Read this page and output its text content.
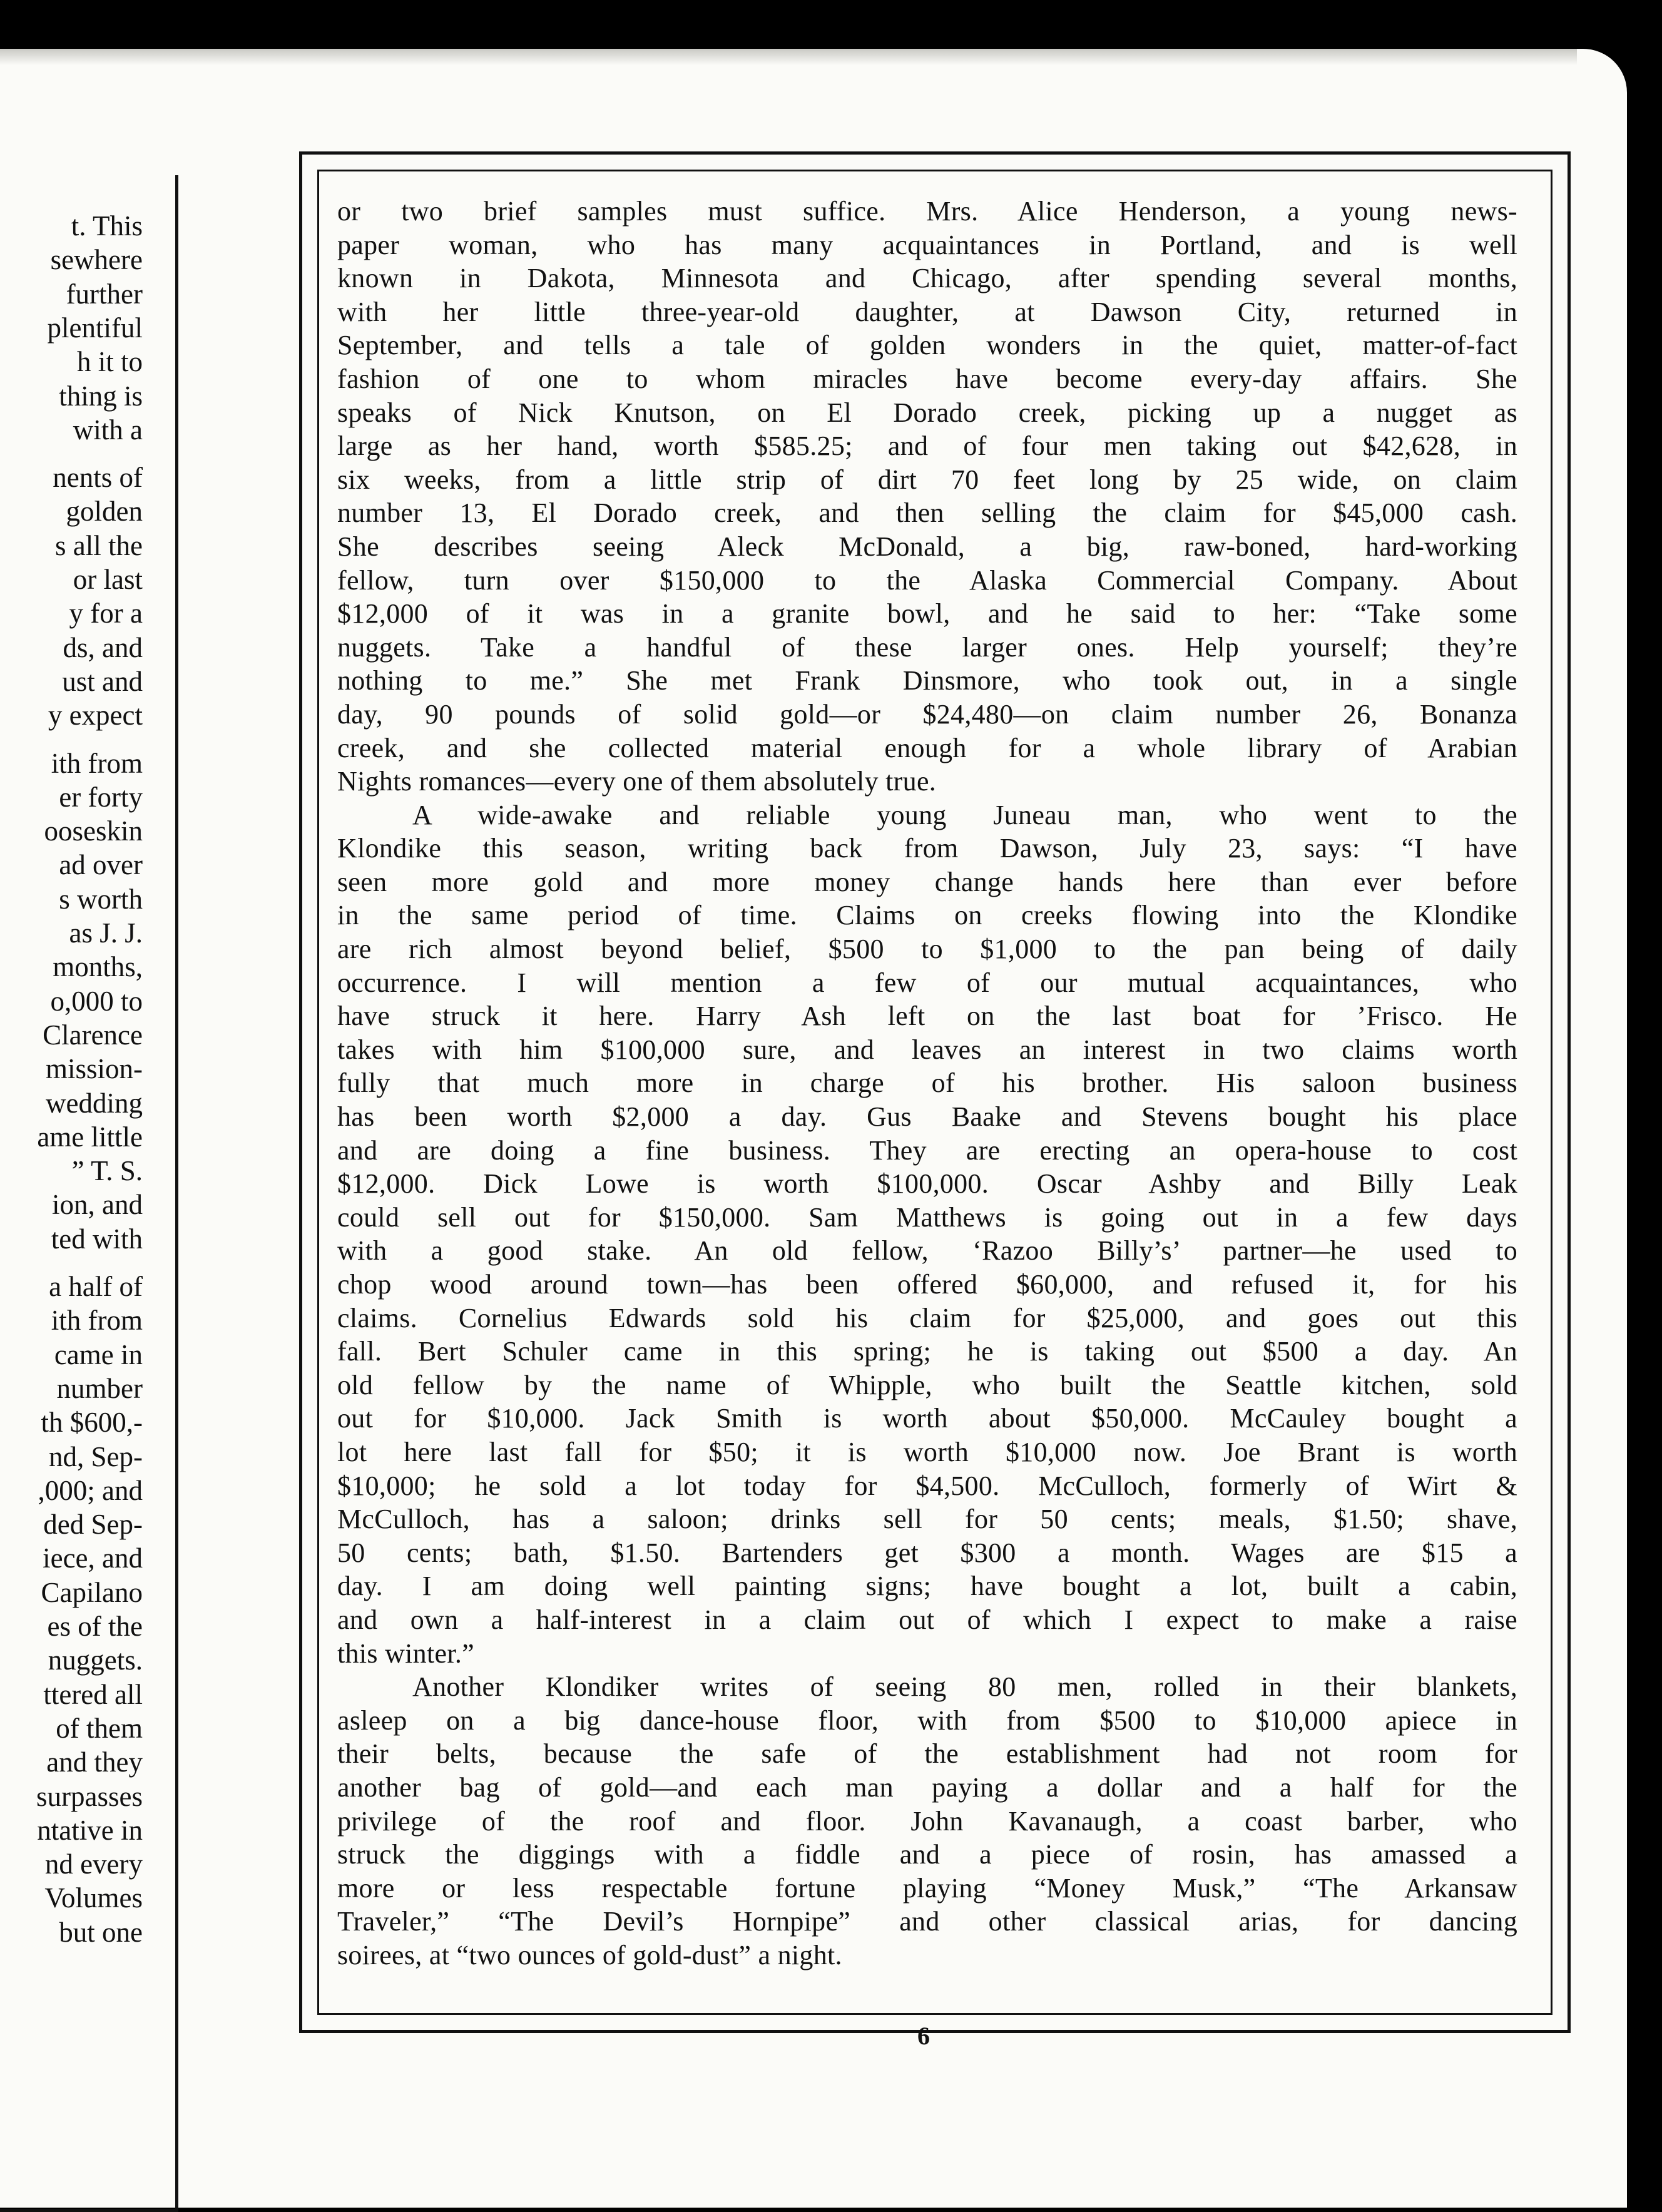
t. This
sewhere
further
plentiful
h it to
thing is
with a
nents of
golden
s all the
or last
y for a
ds, and
ust and
y expect
ith from
er forty
ooseskin
ad over
s worth
as J. J.
months,
o,000 to
Clarence
mission-
wedding
ame little
” T. S.
ion, and
ted with
a half of
ith from
came in
number
th $600,-
nd, Sep-
,000; and
ded Sep-
iece, and
Capilano
es of the
nuggets.
ttered all
of them
and they
surpasses
ntative in
nd every
Volumes
but one
or two brief samples must suffice. Mrs. Alice Henderson, a young news-
paper woman, who has many acquaintances in Portland, and is well
known in Dakota, Minnesota and Chicago, after spending several months,
with her little three-year-old daughter, at Dawson City, returned in
September, and tells a tale of golden wonders in the quiet, matter-of-fact
fashion of one to whom miracles have become every-day affairs. She
speaks of Nick Knutson, on El Dorado creek, picking up a nugget as
large as her hand, worth $585.25; and of four men taking out $42,628, in
six weeks, from a little strip of dirt 70 feet long by 25 wide, on claim
number 13, El Dorado creek, and then selling the claim for $45,000 cash.
She describes seeing Aleck McDonald, a big, raw-boned, hard-working
fellow, turn over $150,000 to the Alaska Commercial Company. About
$12,000 of it was in a granite bowl, and he said to her: “Take some
nuggets. Take a handful of these larger ones. Help yourself; they’re
nothing to me.” She met Frank Dinsmore, who took out, in a single
day, 90 pounds of solid gold—or $24,480—on claim number 26, Bonanza
creek, and she collected material enough for a whole library of Arabian
Nights romances—every one of them absolutely true.
A wide-awake and reliable young Juneau man, who went to the
Klondike this season, writing back from Dawson, July 23, says: “I have
seen more gold and more money change hands here than ever before
in the same period of time. Claims on creeks flowing into the Klondike
are rich almost beyond belief, $500 to $1,000 to the pan being of daily
occurrence. I will mention a few of our mutual acquaintances, who
have struck it here. Harry Ash left on the last boat for ’Frisco. He
takes with him $100,000 sure, and leaves an interest in two claims worth
fully that much more in charge of his brother. His saloon business
has been worth $2,000 a day. Gus Baake and Stevens bought his place
and are doing a fine business. They are erecting an opera-house to cost
$12,000. Dick Lowe is worth $100,000. Oscar Ashby and Billy Leak
could sell out for $150,000. Sam Matthews is going out in a few days
with a good stake. An old fellow, ‘Razoo Billy’s’ partner—he used to
chop wood around town—has been offered $60,000, and refused it, for his
claims. Cornelius Edwards sold his claim for $25,000, and goes out this
fall. Bert Schuler came in this spring; he is taking out $500 a day. An
old fellow by the name of Whipple, who built the Seattle kitchen, sold
out for $10,000. Jack Smith is worth about $50,000. McCauley bought a
lot here last fall for $50; it is worth $10,000 now. Joe Brant is worth
$10,000; he sold a lot today for $4,500. McCulloch, formerly of Wirt &
McCulloch, has a saloon; drinks sell for 50 cents; meals, $1.50; shave,
50 cents; bath, $1.50. Bartenders get $300 a month. Wages are $15 a
day. I am doing well painting signs; have bought a lot, built a cabin,
and own a half-interest in a claim out of which I expect to make a raise
this winter.”
Another Klondiker writes of seeing 80 men, rolled in their blankets,
asleep on a big dance-house floor, with from $500 to $10,000 apiece in
their belts, because the safe of the establishment had not room for
another bag of gold—and each man paying a dollar and a half for the
privilege of the roof and floor. John Kavanaugh, a coast barber, who
struck the diggings with a fiddle and a piece of rosin, has amassed a
more or less respectable fortune playing “Money Musk,” “The Arkansaw
Traveler,” “The Devil’s Hornpipe” and other classical arias, for dancing
soirees, at “two ounces of gold-dust” a night.
6
